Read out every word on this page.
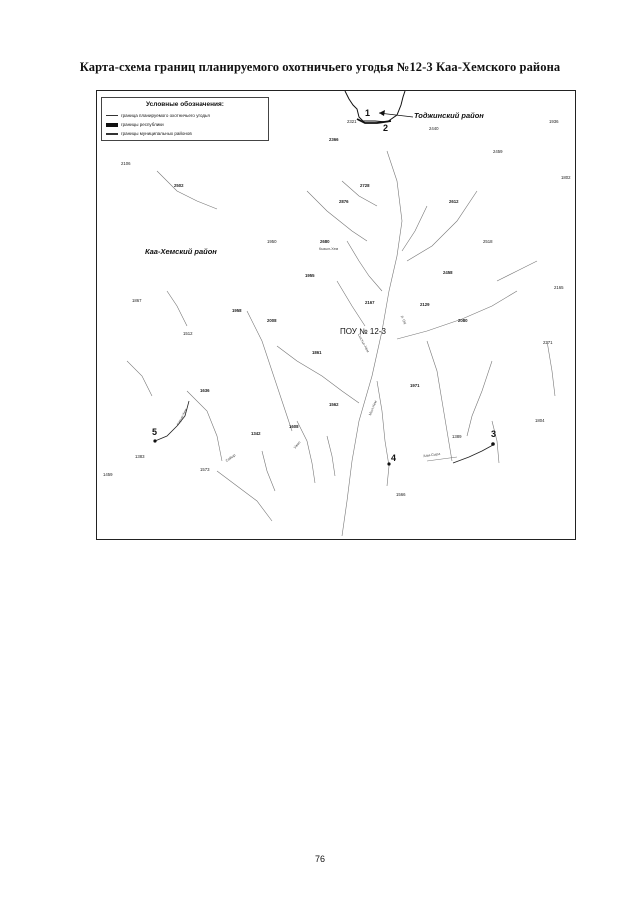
Карта-схема границ планируемого охотничьего угодья №12-3 Каа-Хемского района
Условные обозначения:
граница планируемого охотничьего угодья
границы республики
границы муниципальных районов
Тоджинский район
Каа-Хемский район
ПОУ № 12-3
1
2
3
4
5
2321
2440
1936
2366
2459
2106
1802
2502	2728
2876	2612
1950	2680	2518
1955
2458
2165
1867	2167	2129
1958
2008	2080
1512
2271
1861
1971
1636
1562
1804
1342
1608
1389
1383
1573
1459
1566
р. Ой
Кызыл-Хем
Сыстыг-Хем
Мыл-Хем
Ужеп
Сайыр
Карык-Хем
Хам-Сыра
76
